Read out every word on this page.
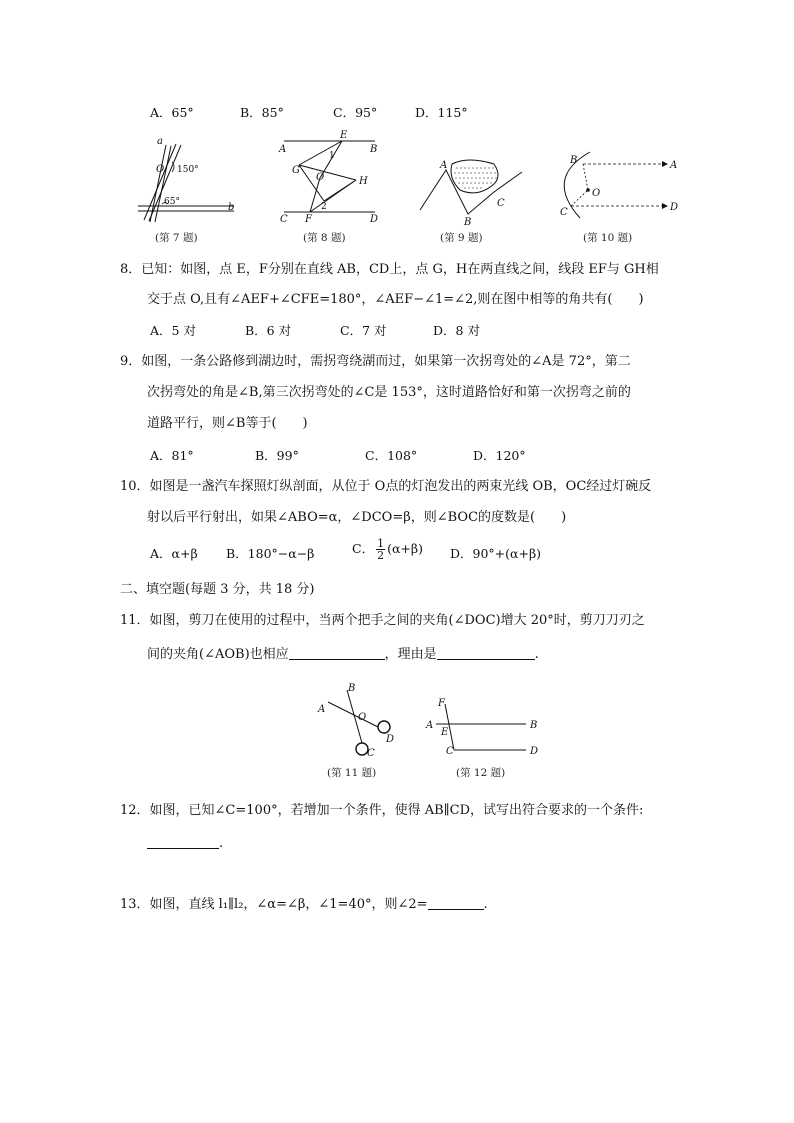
A．65°	B．85°	C．95°	D．115°
a
b
O 150°
65°
(第 7 题)
E
A	B
G
O	H
1
2
C F	D
(第 8 题)
A
B
C
(第 9 题)
B
C
O
A
D
(第 10 题)
8．已知：如图，点 E，F分别在直线 AB，CD上，点 G，H在两直线之间，线段 EF与 GH相
交于点 O,且有∠AEF+∠CFE=180°，∠AEF−∠1=∠2,则在图中相等的角共有(　　)
A．5 对	B．6 对	C．7 对	D．8 对
9．如图，一条公路修到湖边时，需拐弯绕湖而过，如果第一次拐弯处的∠A是 72°，第二
次拐弯处的角是∠B,第三次拐弯处的∠C是 153°，这时道路恰好和第一次拐弯之前的
道路平行，则∠B等于(　　)
A．81°	B．99°	C．108°	D．120°
10．如图是一盏汽车探照灯纵剖面，从位于 O点的灯泡发出的两束光线 OB，OC经过灯碗反
射以后平行射出，如果∠ABO=α，∠DCO=β，则∠BOC的度数是(　　)
A．α+β B．180°−α−β	C． $\frac{1}{2} (\alpha+\beta)$ D．90°+(α+β)
二、填空题(每题 3 分，共 18 分)
11．如图，剪刀在使用的过程中，当两个把手之间的夹角(∠DOC)增大 20°时，剪刀刀刃之
间的夹角(∠AOB)也相应	，理由是	.
B
A
O
D
C
(第 11 题)
F
A	B
E
C	D
(第 12 题)
12．如图，已知∠C=100°，若增加一个条件，使得 AB∥CD，试写出符合要求的一个条件:
.
13．如图，直线 l₁∥l₂，∠α=∠β，∠1=40°，则∠2=	.
